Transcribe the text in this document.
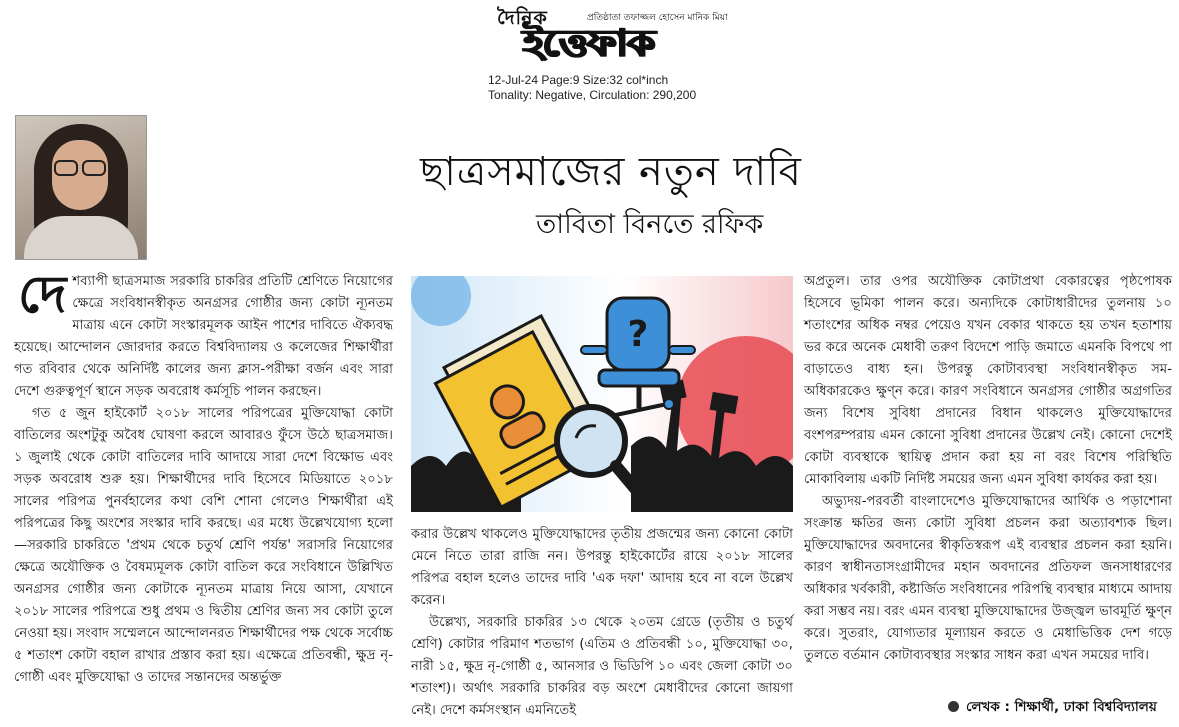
দৈনিক	প্রতিষ্ঠাতা তফাজ্জল হোসেন মানিক মিয়া
ইত্তেফাক
12-Jul-24 Page:9 Size:32 col*inch
Tonality: Negative, Circulation: 290,200
ছাত্রসমাজের নতুন দাবি
তাবিতা বিনতে রফিক

দেশব্যাপী ছাত্রসমাজ সরকারি চাকরির প্রতিটি শ্রেণিতে নিয়োগের ক্ষেত্রে সংবিধানস্বীকৃত অনগ্রসর গোষ্ঠীর জন্য কোটা ন্যূনতম মাত্রায় এনে কোটা সংস্কারমূলক আইন পাশের দাবিতে ঐক্যবদ্ধ হয়েছে। আন্দোলন জোরদার করতে বিশ্ববিদ্যালয় ও কলেজের শিক্ষার্থীরা গত রবিবার থেকে অনির্দিষ্ট কালের জন্য ক্লাস-পরীক্ষা বর্জন এবং সারা দেশে গুরুত্বপূর্ণ স্থানে সড়ক অবরোধ কর্মসূচি পালন করছেন।

গত ৫ জুন হাইকোর্ট ২০১৮ সালের পরিপত্রের মুক্তিযোদ্ধা কোটা বাতিলের অংশটুকু অবৈধ ঘোষণা করলে আবারও ফুঁসে উঠে ছাত্রসমাজ। ১ জুলাই থেকে কোটা বাতিলের দাবি আদায়ে সারা দেশে বিক্ষোভ এবং সড়ক অবরোধ শুরু হয়। শিক্ষার্থীদের দাবি হিসেবে মিডিয়াতে ২০১৮ সালের পরিপত্র পুনর্বহালের কথা বেশি শোনা গেলেও শিক্ষার্থীরা এই পরিপত্রের কিছু অংশের সংস্কার দাবি করছে। এর মধ্যে উল্লেখযোগ্য হলো—সরকারি চাকরিতে 'প্রথম থেকে চতুর্থ শ্রেণি পর্যন্ত' সরাসরি নিয়োগের ক্ষেত্রে অযৌক্তিক ও বৈষম্যমূলক কোটা বাতিল করে সংবিধানে উল্লিখিত অনগ্রসর গোষ্ঠীর জন্য কোটাকে ন্যূনতম মাত্রায় নিয়ে আসা, যেখানে ২০১৮ সালের পরিপত্রে শুধু প্রথম ও দ্বিতীয় শ্রেণির জন্য সব কোটা তুলে নেওয়া হয়। সংবাদ সম্মেলনে আন্দোলনরত শিক্ষার্থীদের পক্ষ থেকে সর্বোচ্চ ৫ শতাংশ কোটা বহাল রাখার প্রস্তাব করা হয়। এক্ষেত্রে প্রতিবন্ধী, ক্ষুদ্র নৃ-গোষ্ঠী এবং মুক্তিযোদ্ধা ও তাদের সন্তানদের অন্তর্ভুক্ত

?

করার উল্লেখ থাকলেও মুক্তিযোদ্ধাদের তৃতীয় প্রজন্মের জন্য কোনো কোটা মেনে নিতে তারা রাজি নন। উপরন্তু হাইকোর্টের রায়ে ২০১৮ সালের পরিপত্র বহাল হলেও তাদের দাবি 'এক দফা' আদায় হবে না বলে উল্লেখ করেন।

উল্লেখ্য, সরকারি চাকরির ১৩ থেকে ২০তম গ্রেডে (তৃতীয় ও চতুর্থ শ্রেণি) কোটার পরিমাণ শতভাগ (এতিম ও প্রতিবন্ধী ১০, মুক্তিযোদ্ধা ৩০, নারী ১৫, ক্ষুদ্র নৃ-গোষ্ঠী ৫, আনসার ও ভিডিপি ১০ এবং জেলা কোটা ৩০ শতাংশ)। অর্থাৎ সরকারি চাকরির বড় অংশে মেধাবীদের কোনো জায়গা নেই। দেশে কর্মসংস্থান এমনিতেই

অপ্রতুল। তার ওপর অযৌক্তিক কোটাপ্রথা বেকারত্বের পৃষ্ঠপোষক হিসেবে ভূমিকা পালন করে। অন্যদিকে কোটাধারীদের তুলনায় ১০ শতাংশের অধিক নম্বর পেয়েও যখন বেকার থাকতে হয় তখন হতাশায় ভর করে অনেক মেধাবী তরুণ বিদেশে পাড়ি জমাতে এমনকি বিপথে পা বাড়াতেও বাধ্য হন। উপরন্তু কোটাব্যবস্থা সংবিধানস্বীকৃত সম-অধিকারকেও ক্ষুণ্ন করে। কারণ সংবিধানে অনগ্রসর গোষ্ঠীর অগ্রগতির জন্য বিশেষ সুবিধা প্রদানের বিধান থাকলেও মুক্তিযোদ্ধাদের বংশপরম্পরায় এমন কোনো সুবিধা প্রদানের উল্লেখ নেই। কোনো দেশেই কোটা ব্যবস্থাকে স্থায়িত্ব প্রদান করা হয় না বরং বিশেষ পরিস্থিতি মোকাবিলায় একটি নির্দিষ্ট সময়ের জন্য এমন সুবিধা কার্যকর করা হয়।

অভ্যুদয়-পরবর্তী বাংলাদেশেও মুক্তিযোদ্ধাদের আর্থিক ও পড়াশোনা সংক্রান্ত ক্ষতির জন্য কোটা সুবিধা প্রচলন করা অত্যাবশ্যক ছিল। মুক্তিযোদ্ধাদের অবদানের স্বীকৃতিস্বরূপ এই ব্যবস্থার প্রচলন করা হয়নি। কারণ স্বাধীনতাসংগ্রামীদের মহান অবদানের প্রতিফল জনসাধারণের অধিকার খর্বকারী, কষ্টার্জিত সংবিধানের পরিপন্থি ব্যবস্থার মাধ্যমে আদায় করা সম্ভব নয়। বরং এমন ব্যবস্থা মুক্তিযোদ্ধাদের উজ্জ্বল ভাবমূর্তি ক্ষুণ্ন করে। সুতরাং, যোগ্যতার মূল্যায়ন করতে ও মেধাভিত্তিক দেশ গড়ে তুলতে বর্তমান কোটাব্যবস্থার সংস্কার সাধন করা এখন সময়ের দাবি।

লেখক : শিক্ষার্থী, ঢাকা বিশ্ববিদ্যালয়
